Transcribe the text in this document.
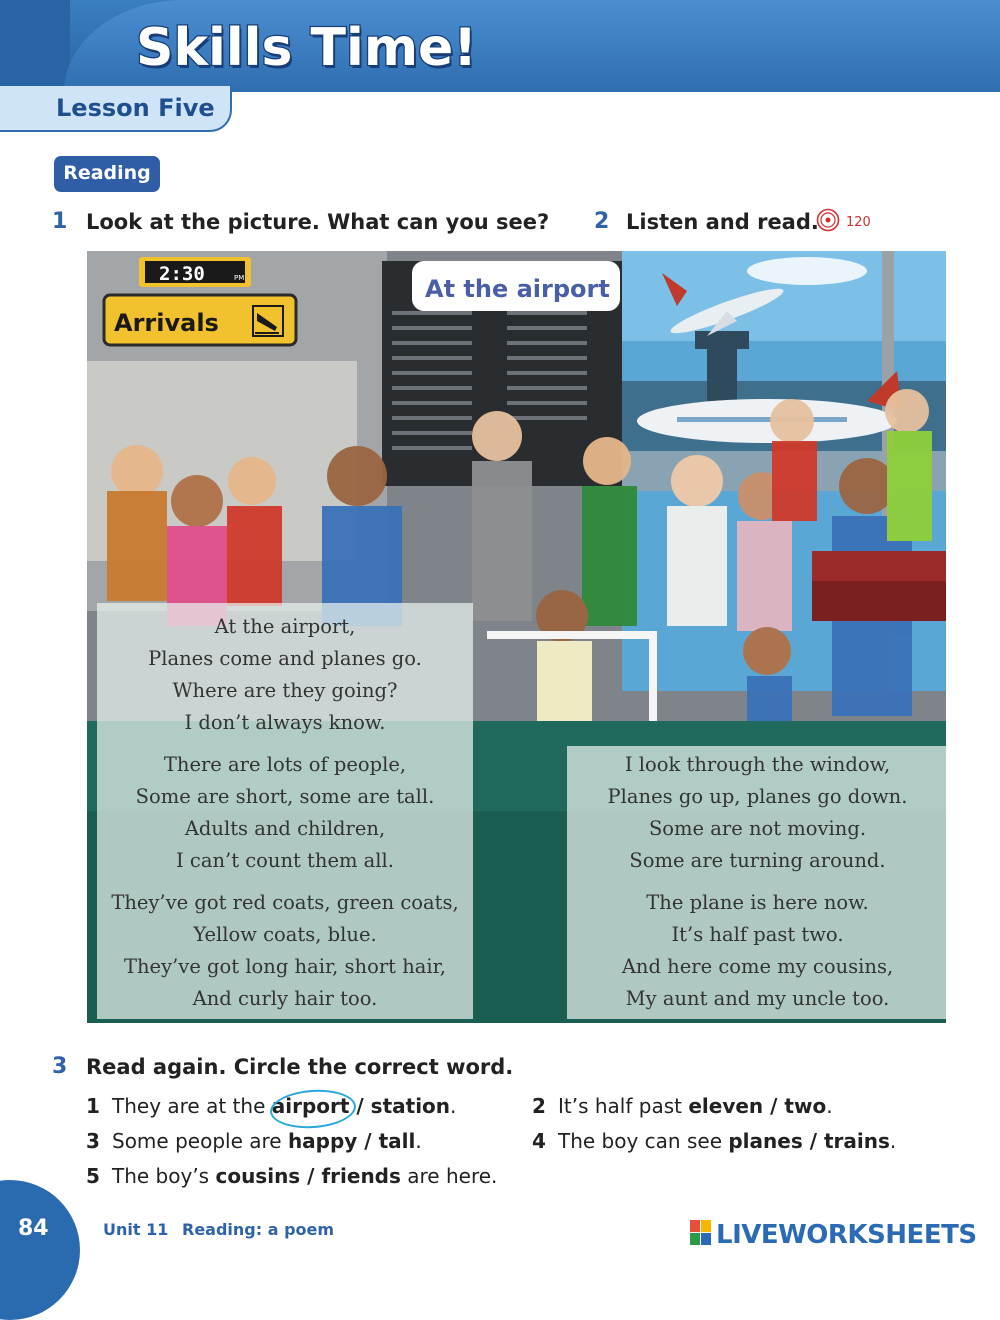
Skills Time!
Lesson Five
Reading
1 Look at the picture. What can you see? 2 Listen and read. 120
2:30	PM
Arrivals
At the airport
At the airport,
Planes come and planes go.
Where are they going?
I don’t always know.
There are lots of people,
Some are short, some are tall.
Adults and children,
I can’t count them all.
They’ve got red coats, green coats,
Yellow coats, blue.
They’ve got long hair, short hair,
And curly hair too.
I look through the window,
Planes go up, planes go down.
Some are not moving.
Some are turning around.
The plane is here now.
It’s half past two.
And here come my cousins,
My aunt and my uncle too.
3 Read again. Circle the correct word.
1 They are at the airport / station.	2 It’s half past eleven / two.
3 Some people are happy / tall.	4 The boy can see planes / trains.
5 The boy’s cousins / friends are here.
84	Unit 11 Reading: a poem	LIVEWORKSHEETS
